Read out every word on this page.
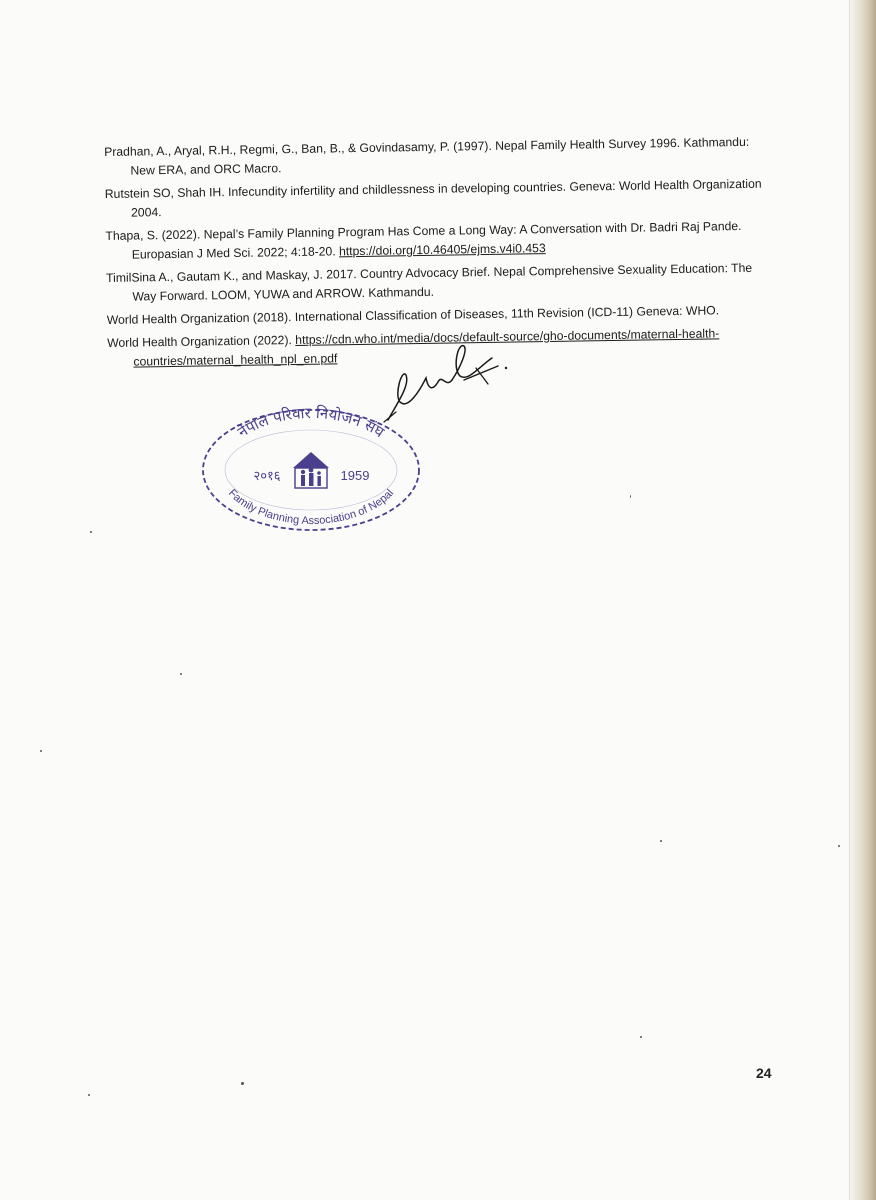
Pradhan, A., Aryal, R.H., Regmi, G., Ban, B., & Govindasamy, P. (1997). Nepal Family Health Survey 1996. Kathmandu: New ERA, and ORC Macro.

Rutstein SO, Shah IH. Infecundity infertility and childlessness in developing countries. Geneva: World Health Organization 2004.

Thapa, S. (2022). Nepal’s Family Planning Program Has Come a Long Way: A Conversation with Dr. Badri Raj Pande. Europasian J Med Sci. 2022; 4:18-20. https://doi.org/10.46405/ejms.v4i0.453

TimilSina A., Gautam K., and Maskay, J. 2017. Country Advocacy Brief. Nepal Comprehensive Sexuality Education: The Way Forward. LOOM, YUWA and ARROW. Kathmandu.

World Health Organization (2018). International Classification of Diseases, 11th Revision (ICD-11) Geneva: WHO.

World Health Organization (2022). https://cdn.who.int/media/docs/default-source/gho-documents/maternal-health-countries/maternal_health_npl_en.pdf

नेपाल परिवार नियोजन संघ
Family Planning Association of Nepal
२०१६	1959
24
